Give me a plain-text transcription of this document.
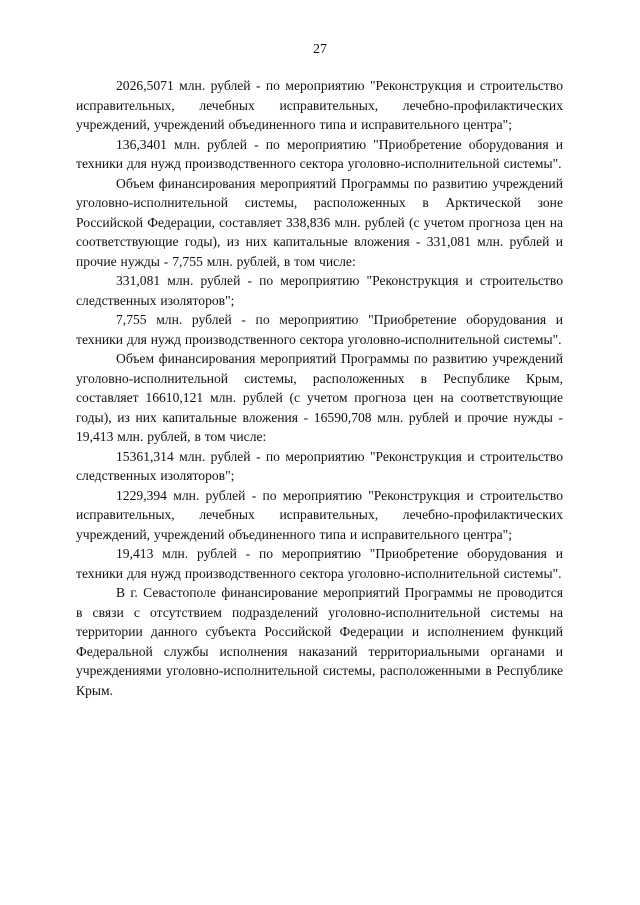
27

2026,5071 млн. рублей - по мероприятию "Реконструкция и строительство исправительных, лечебных исправительных, лечебно-профилактических учреждений, учреждений объединенного типа и исправительного центра";

136,3401 млн. рублей - по мероприятию "Приобретение оборудования и техники для нужд производственного сектора уголовно-исполнительной системы".

Объем финансирования мероприятий Программы по развитию учреждений уголовно-исполнительной системы, расположенных в Арктической зоне Российской Федерации, составляет 338,836 млн. рублей (с учетом прогноза цен на соответствующие годы), из них капитальные вложения - 331,081 млн. рублей и прочие нужды - 7,755 млн. рублей, в том числе:

331,081 млн. рублей - по мероприятию "Реконструкция и строительство следственных изоляторов";

7,755 млн. рублей - по мероприятию "Приобретение оборудования и техники для нужд производственного сектора уголовно-исполнительной системы".

Объем финансирования мероприятий Программы по развитию учреждений уголовно-исполнительной системы, расположенных в Республике Крым, составляет 16610,121 млн. рублей (с учетом прогноза цен на соответствующие годы), из них капитальные вложения - 16590,708 млн. рублей и прочие нужды - 19,413 млн. рублей, в том числе:

15361,314 млн. рублей - по мероприятию "Реконструкция и строительство следственных изоляторов";

1229,394 млн. рублей - по мероприятию "Реконструкция и строительство исправительных, лечебных исправительных, лечебно-профилактических учреждений, учреждений объединенного типа и исправительного центра";

19,413 млн. рублей - по мероприятию "Приобретение оборудования и техники для нужд производственного сектора уголовно-исполнительной системы".

В г. Севастополе финансирование мероприятий Программы не проводится в связи с отсутствием подразделений уголовно-исполнительной системы на территории данного субъекта Российской Федерации и исполнением функций Федеральной службы исполнения наказаний территориальными органами и учреждениями уголовно-исполнительной системы, расположенными в Республике Крым.
